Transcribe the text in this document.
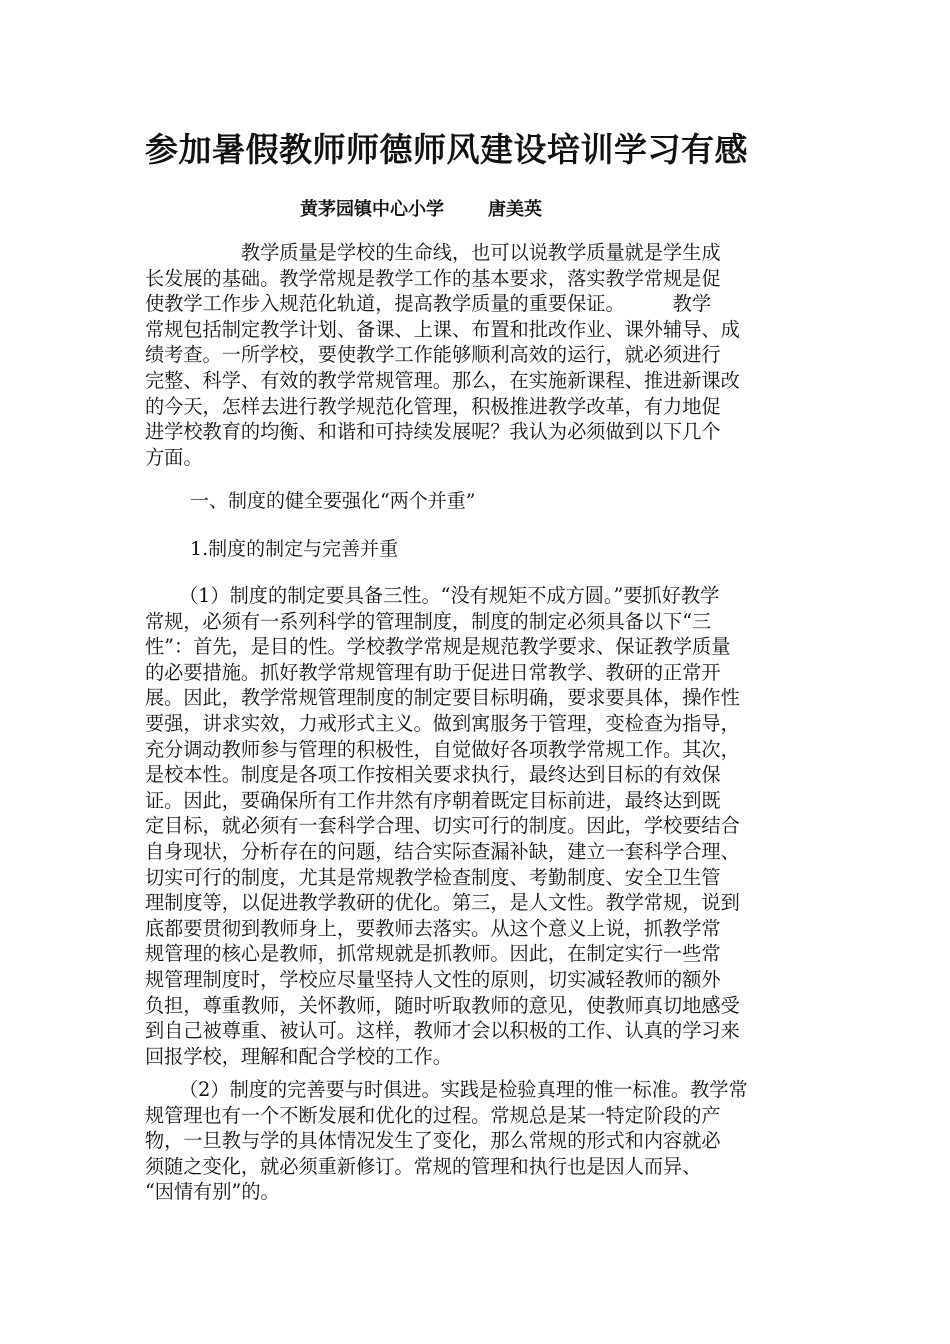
参加暑假教师师德师风建设培训学习有感
黄茅园镇中心小学 唐美英
　　　　　教学质量是学校的生命线，也可以说教学质量就是学生成
长发展的基础。教学常规是教学工作的基本要求，落实教学常规是促
使教学工作步入规范化轨道，提高教学质量的重要保证。　　　教学
常规包括制定教学计划、备课、上课、布置和批改作业、课外辅导、成
绩考查。一所学校，要使教学工作能够顺利高效的运行，就必须进行
完整、科学、有效的教学常规管理。那么，在实施新课程、推进新课改
的今天，怎样去进行教学规范化管理，积极推进教学改革，有力地促
进学校教育的均衡、和谐和可持续发展呢？我认为必须做到以下几个
方面。
一、制度的健全要强化“两个并重”
1.制度的制定与完善并重
（1）制度的制定要具备三性。“没有规矩不成方圆。”要抓好教学
常规，必须有一系列科学的管理制度，制度的制定必须具备以下“三
性”：首先，是目的性。学校教学常规是规范教学要求、保证教学质量
的必要措施。抓好教学常规管理有助于促进日常教学、教研的正常开
展。因此，教学常规管理制度的制定要目标明确，要求要具体，操作性
要强，讲求实效，力戒形式主义。做到寓服务于管理，变检查为指导，
充分调动教师参与管理的积极性，自觉做好各项教学常规工作。其次，
是校本性。制度是各项工作按相关要求执行，最终达到目标的有效保
证。因此，要确保所有工作井然有序朝着既定目标前进，最终达到既
定目标，就必须有一套科学合理、切实可行的制度。因此，学校要结合
自身现状，分析存在的问题，结合实际查漏补缺，建立一套科学合理、
切实可行的制度，尤其是常规教学检查制度、考勤制度、安全卫生管
理制度等，以促进教学教研的优化。第三，是人文性。教学常规，说到
底都要贯彻到教师身上，要教师去落实。从这个意义上说，抓教学常
规管理的核心是教师，抓常规就是抓教师。因此，在制定实行一些常
规管理制度时，学校应尽量坚持人文性的原则，切实减轻教师的额外
负担，尊重教师，关怀教师，随时听取教师的意见，使教师真切地感受
到自己被尊重、被认可。这样，教师才会以积极的工作、认真的学习来
回报学校，理解和配合学校的工作。
（2）制度的完善要与时俱进。实践是检验真理的惟一标准。教学常
规管理也有一个不断发展和优化的过程。常规总是某一特定阶段的产
物，一旦教与学的具体情况发生了变化，那么常规的形式和内容就必
须随之变化，就必须重新修订。常规的管理和执行也是因人而异、
“因情有别”的。
